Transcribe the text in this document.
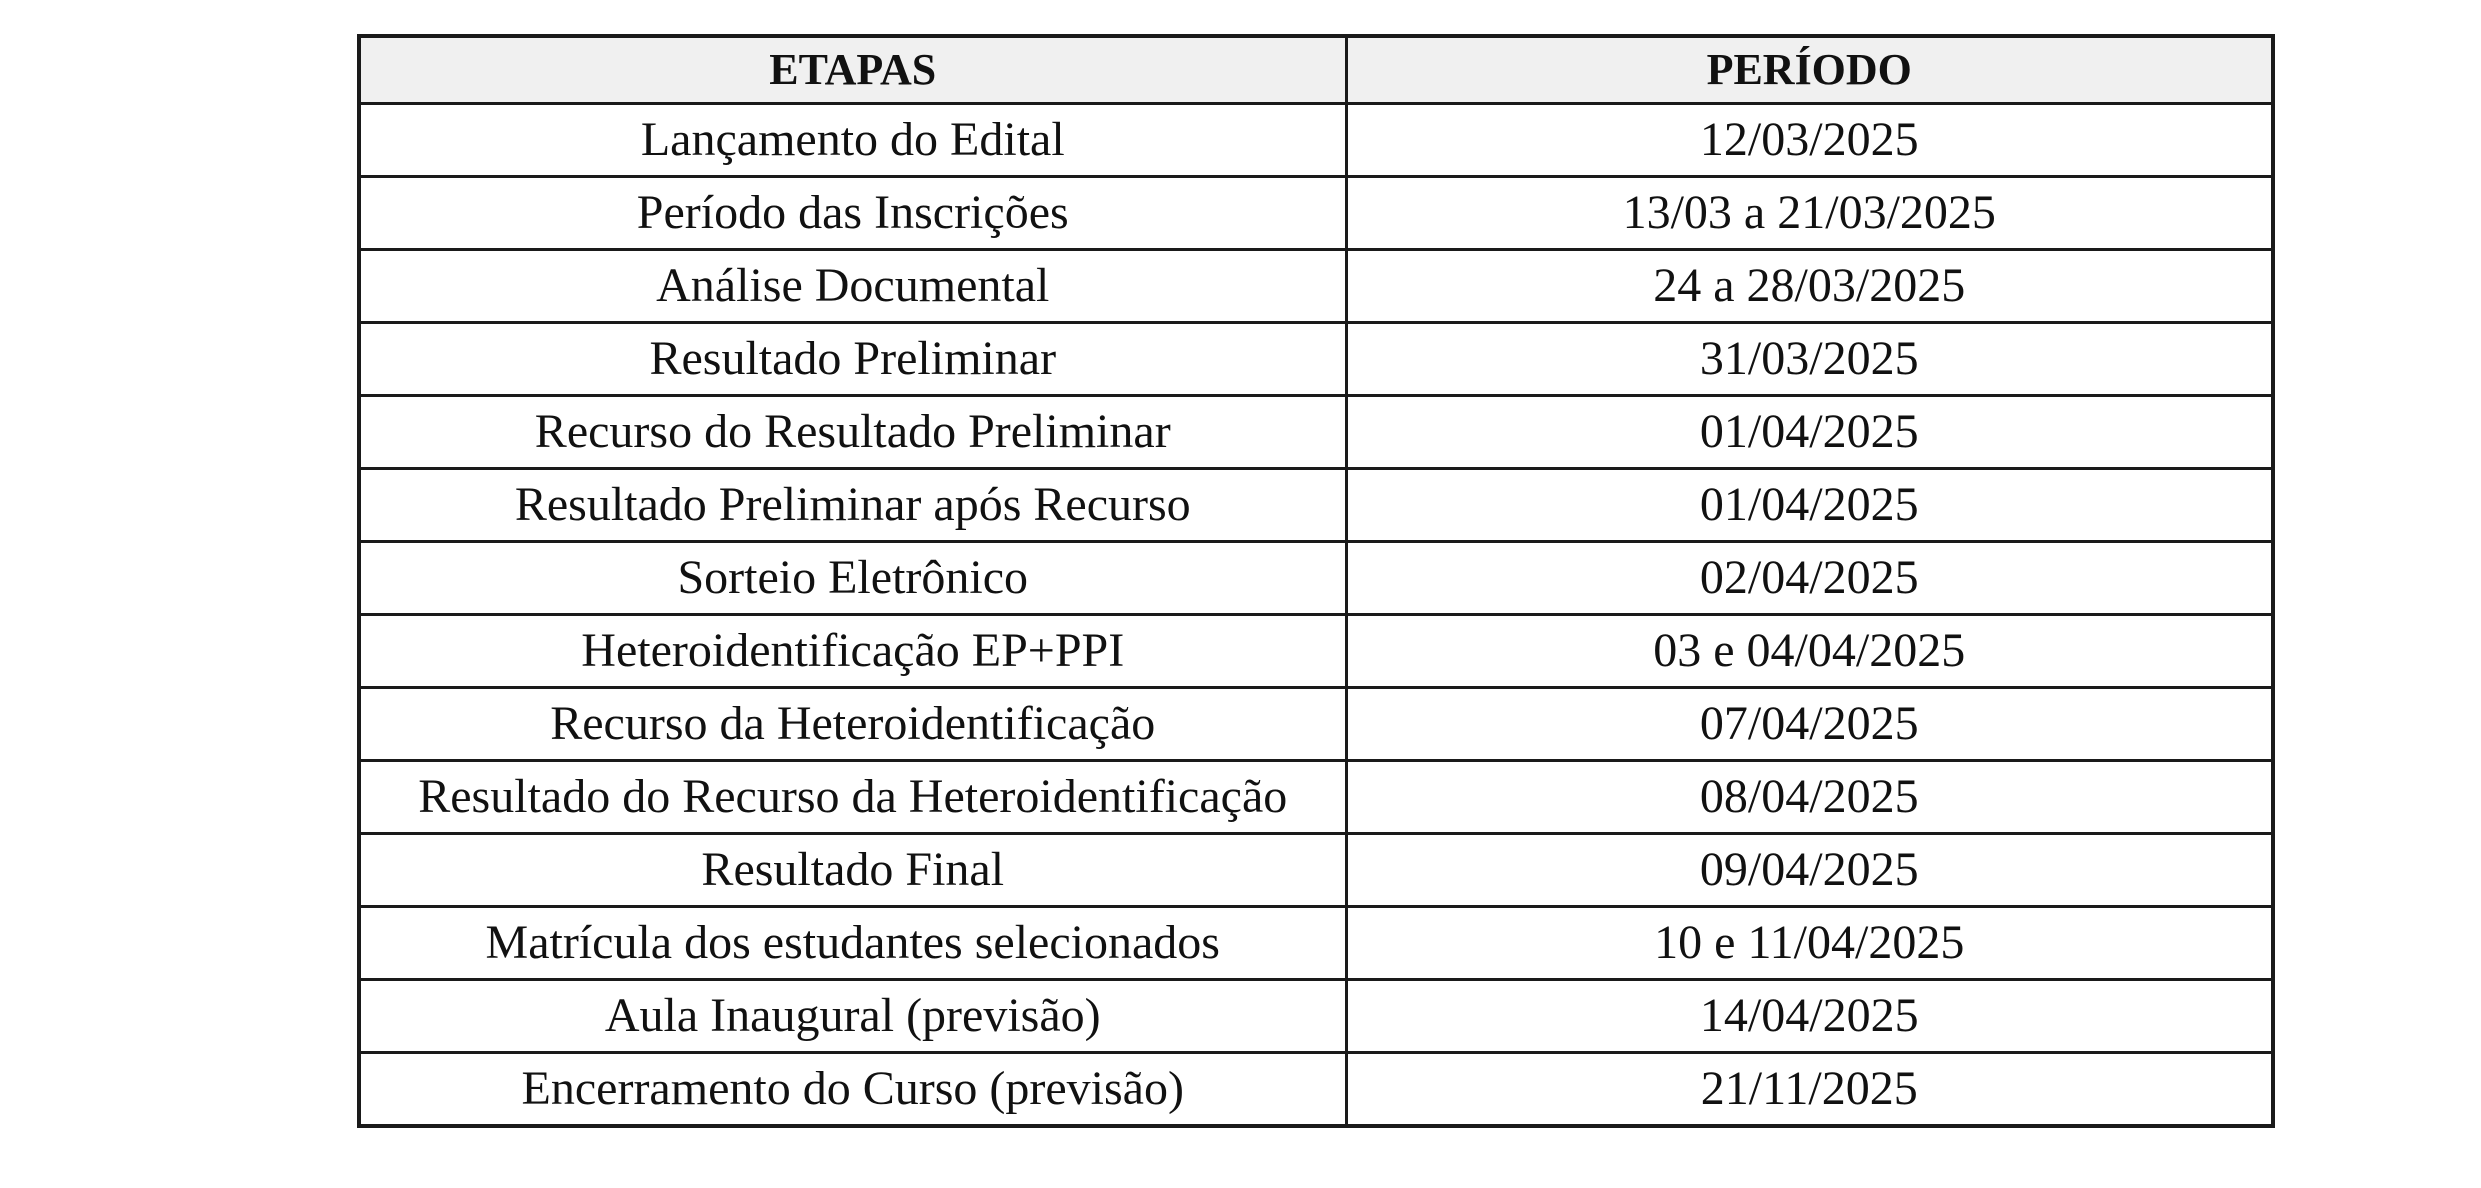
ETAPAS	PERÍODO
Lançamento do Edital	12/03/2025
Período das Inscrições	13/03 a 21/03/2025
Análise Documental	24 a 28/03/2025
Resultado Preliminar	31/03/2025
Recurso do Resultado Preliminar	01/04/2025
Resultado Preliminar após Recurso	01/04/2025
Sorteio Eletrônico	02/04/2025
Heteroidentificação EP+PPI	03 e 04/04/2025
Recurso da Heteroidentificação	07/04/2025
Resultado do Recurso da Heteroidentificação	08/04/2025
Resultado Final	09/04/2025
Matrícula dos estudantes selecionados	10 e 11/04/2025
Aula Inaugural (previsão)	14/04/2025
Encerramento do Curso (previsão)	21/11/2025
